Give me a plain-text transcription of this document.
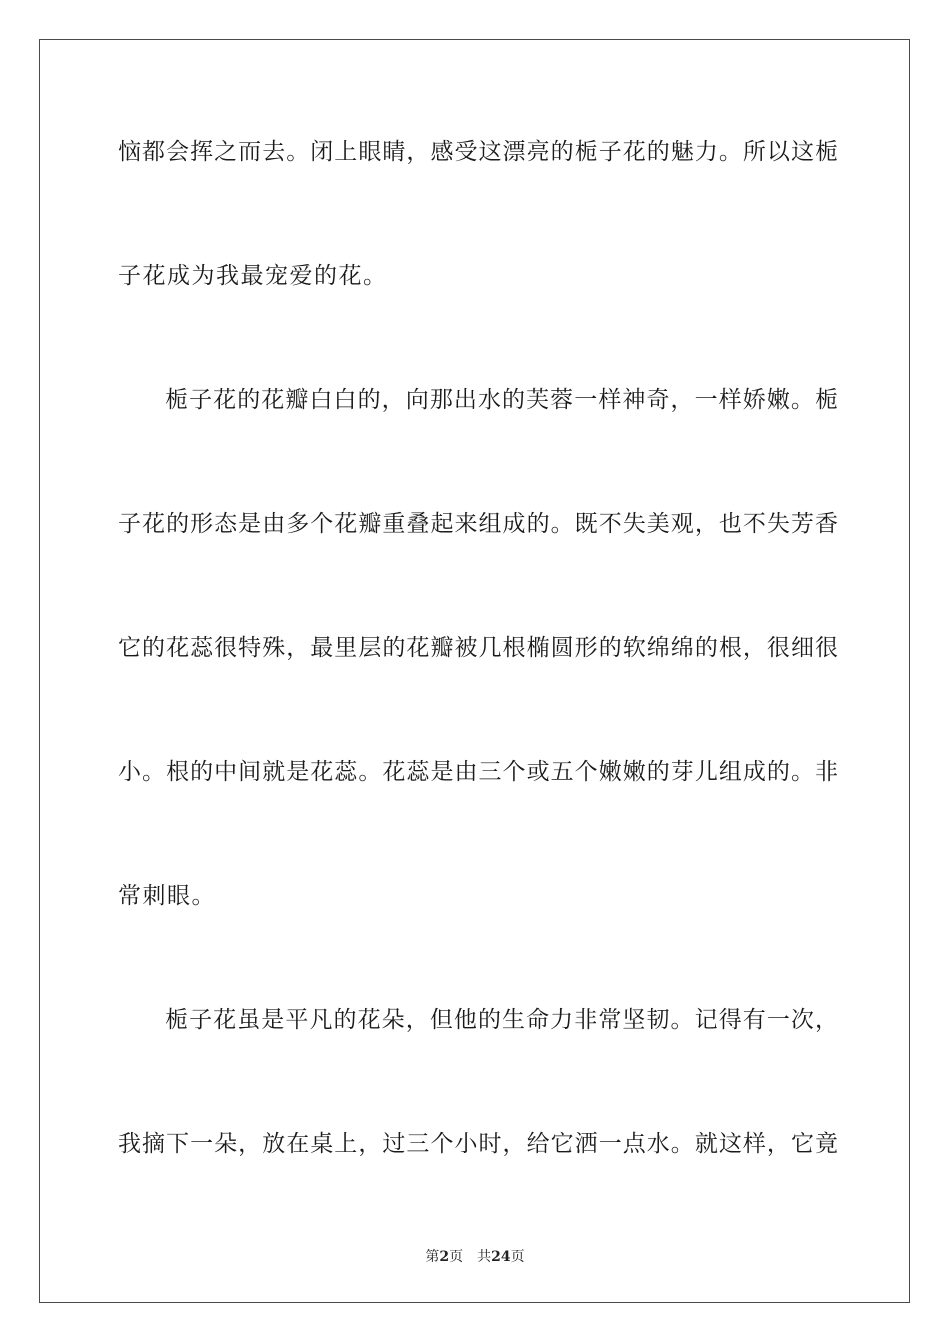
恼都会挥之而去。闭上眼睛，感受这漂亮的栀子花的魅力。所以这栀
子花成为我最宠爱的花。
栀子花的花瓣白白的，向那出水的芙蓉一样神奇，一样娇嫩。栀
子花的形态是由多个花瓣重叠起来组成的。既不失美观，也不失芳香
它的花蕊很特殊，最里层的花瓣被几根椭圆形的软绵绵的根，很细很
小。根的中间就是花蕊。花蕊是由三个或五个嫩嫩的芽儿组成的。非
常刺眼。
栀子花虽是平凡的花朵，但他的生命力非常坚韧。记得有一次，
我摘下一朵，放在桌上，过三个小时，给它洒一点水。就这样，它竟
第2页 共24页
